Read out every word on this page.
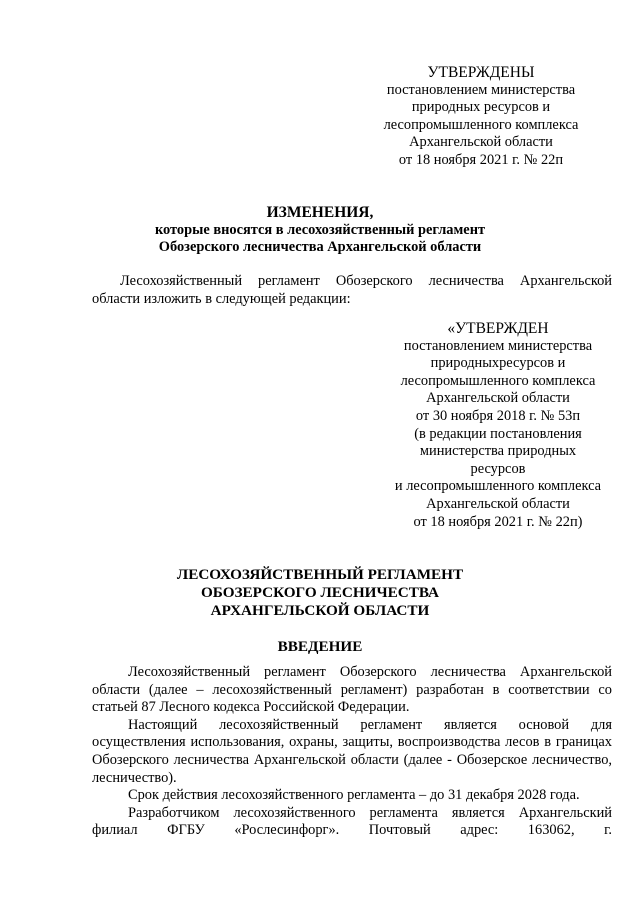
УТВЕРЖДЕНЫ
постановлением министерства
природных ресурсов и
лесопромышленного комплекса
Архангельской области
от 18 ноября 2021 г. № 22п
ИЗМЕНЕНИЯ,
которые вносятся в лесохозяйственный регламент
Обозерского лесничества Архангельской области

Лесохозяйственный регламент Обозерского лесничества Архангельской

области изложить в следующей редакции:
«УТВЕРЖДЕН
постановлением министерства
природныхресурсов и
лесопромышленного комплекса
Архангельской области
от 30 ноября 2018 г. № 53п
(в редакции постановления
министерства природных
ресурсов
и лесопромышленного комплекса
Архангельской области
от 18 ноября 2021 г. № 22п)
ЛЕСОХОЗЯЙСТВЕННЫЙ РЕГЛАМЕНТ
ОБОЗЕРСКОГО ЛЕСНИЧЕСТВА
АРХАНГЕЛЬСКОЙ ОБЛАСТИ
ВВЕДЕНИЕ

Лесохозяйственный регламент Обозерского лесничества Архангельской области (далее – лесохозяйственный регламент) разработан в соответствии со статьей 87 Лесного кодекса Российской Федерации.

Настоящий лесохозяйственный регламент является основой для осуществления использования, охраны, защиты, воспроизводства лесов в границах Обозерского лесничества Архангельской области (далее - Обозерское лесничество, лесничество).

Срок действия лесохозяйственного регламента – до 31 декабря 2028 года.

Разработчиком лесохозяйственного регламента является Архангельский филиал ФГБУ «Рослесинфорг». Почтовый адрес: 163062, г.
